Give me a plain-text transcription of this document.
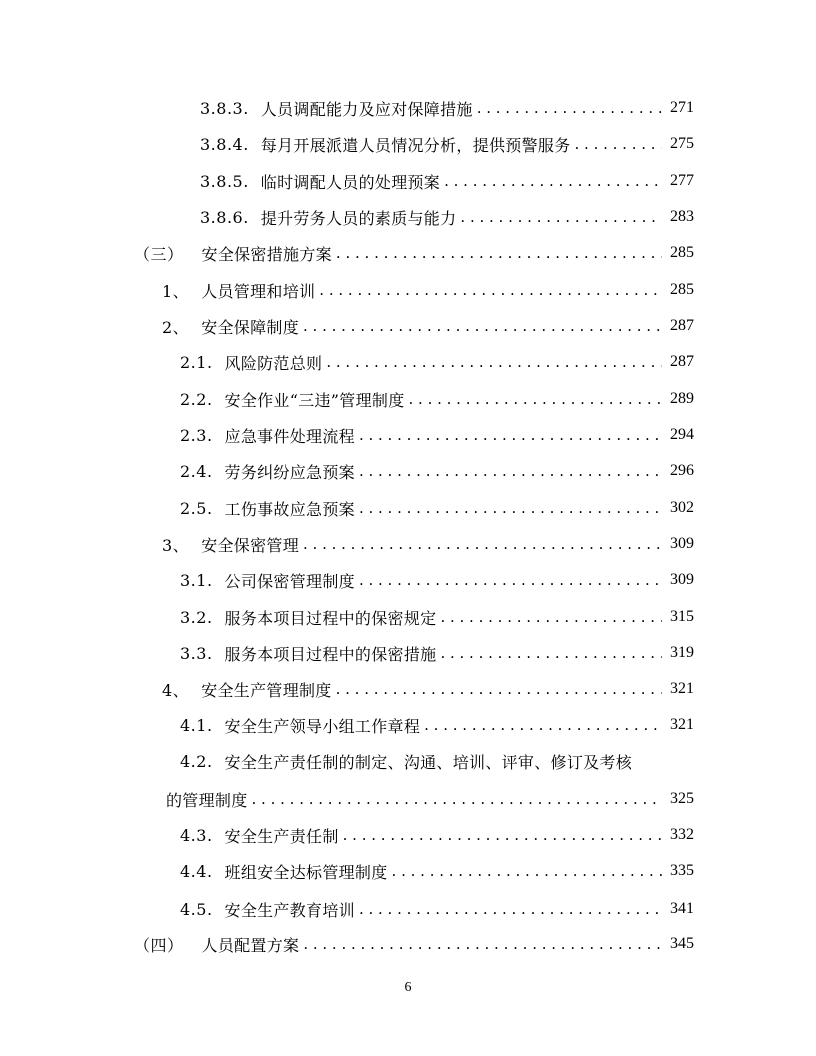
3.8.3. 人员调配能力及应对保障措施 . . .	271
3.8.4. 每月开展派遣人员情况分析，提供预警服务 . . .	275
3.8.5. 临时调配人员的处理预案 . . .	277
3.8.6. 提升劳务人员的素质与能力 . . .	283
（三） 安全保密措施方案 . . .	285
1、 人员管理和培训 . . .	285
2、 安全保障制度 . . .	287
2.1. 风险防范总则 . . .	287
2.2. 安全作业“三违”管理制度 . . .	289
2.3. 应急事件处理流程 . . .	294
2.4. 劳务纠纷应急预案 . . .	296
2.5. 工伤事故应急预案 . . .	302
3、 安全保密管理 . . .	309
3.1. 公司保密管理制度 . . .	309
3.2. 服务本项目过程中的保密规定 . . .	315
3.3. 服务本项目过程中的保密措施 . . .	319
4、 安全生产管理制度 . . .	321
4.1. 安全生产领导小组工作章程 . . .	321
4.2. 安全生产责任制的制定、沟通、培训、评审、修订及考核
的管理制度 . . .	325
4.3. 安全生产责任制 . . .	332
4.4. 班组安全达标管理制度 . . .	335
4.5. 安全生产教育培训 . . .	341
（四） 人员配置方案 . . .	345
6
